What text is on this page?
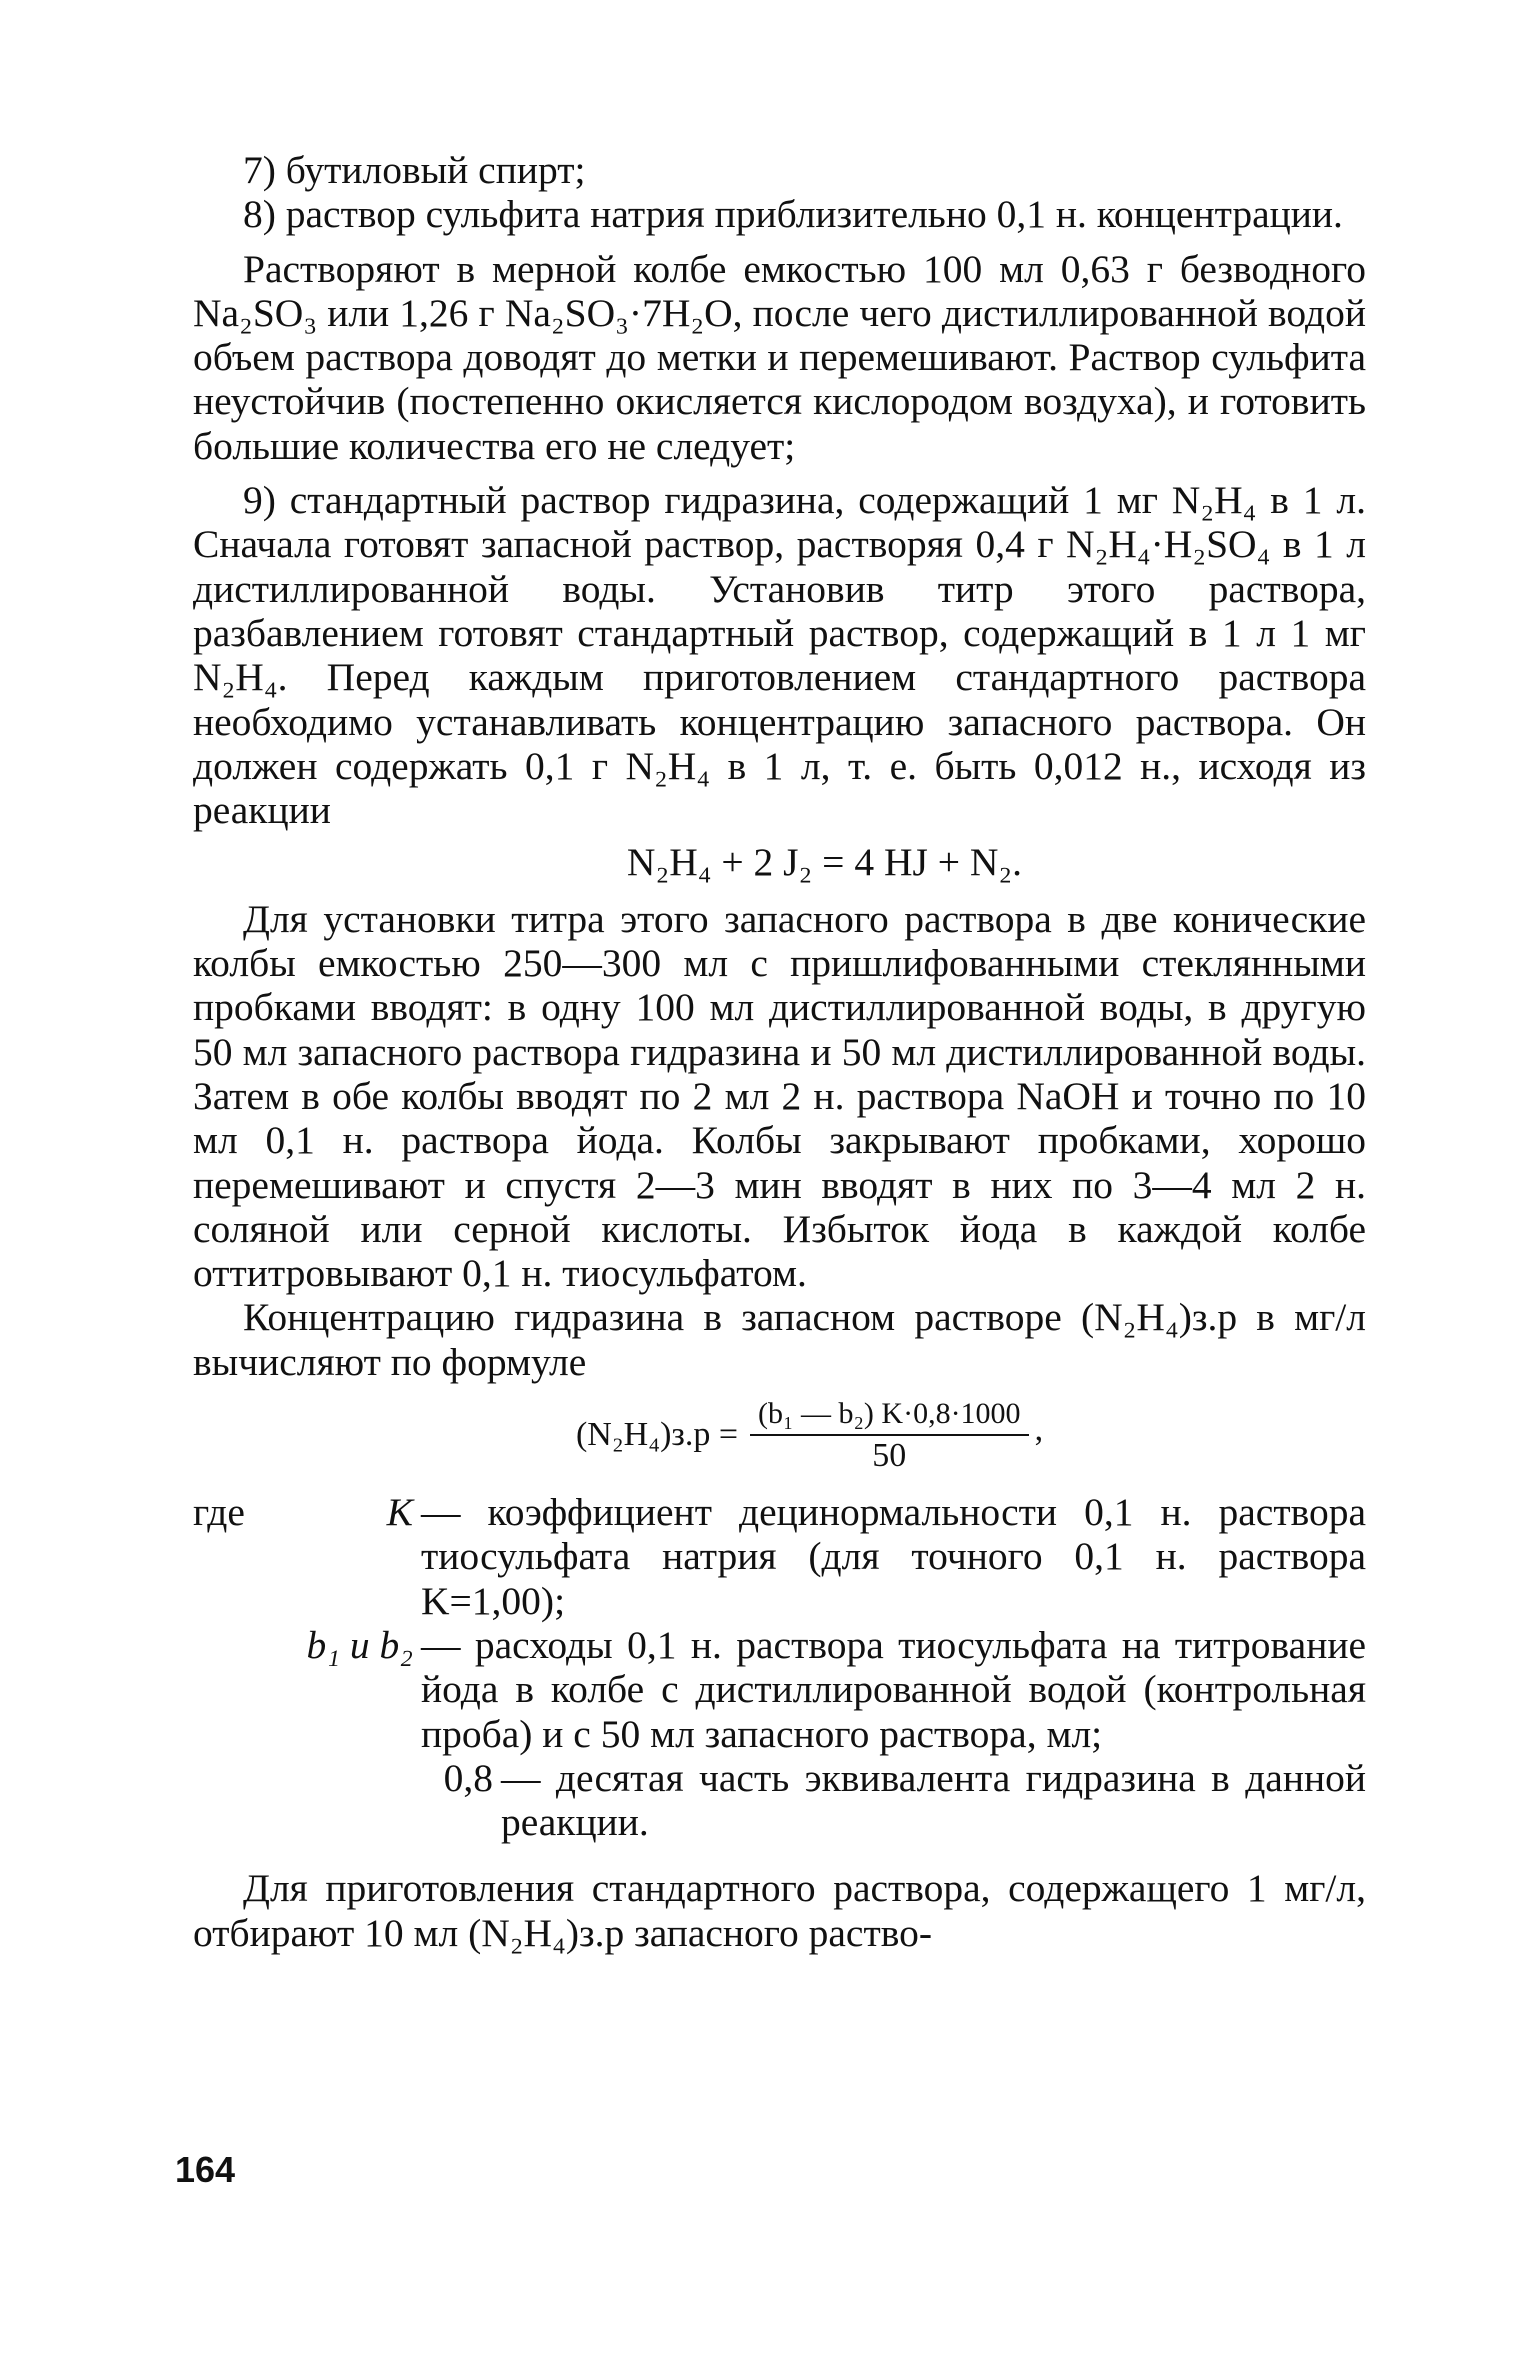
7) бутиловый спирт;

8) раствор сульфита натрия приблизительно 0,1 н. концентрации.

Растворяют в мерной колбе емкостью 100 мл 0,63 г безводного Na₂SO₃ или 1,26 г Na₂SO₃·7H₂O, после чего дистиллированной водой объем раствора доводят до метки и перемешивают. Раствор сульфита неустойчив (постепенно окисляется кислородом воздуха), и готовить большие количества его не следует;

9) стандартный раствор гидразина, содержащий 1 мг N₂H₄ в 1 л. Сначала готовят запасной раствор, растворяя 0,4 г N₂H₄·H₂SO₄ в 1 л дистиллированной воды. Установив титр этого раствора, разбавлением готовят стандартный раствор, содержащий в 1 л 1 мг N₂H₄. Перед каждым приготовлением стандартного раствора необходимо устанавливать концентрацию запасного раствора. Он должен содержать 0,1 г N₂H₄ в 1 л, т. е. быть 0,012 н., исходя из реакции

N₂H₄ + 2 J₂ = 4 HJ + N₂.

Для установки титра этого запасного раствора в две конические колбы емкостью 250—300 мл с пришлифованными стеклянными пробками вводят: в одну 100 мл дистиллированной воды, в другую 50 мл запасного раствора гидразина и 50 мл дистиллированной воды. Затем в обе колбы вводят по 2 мл 2 н. раствора NaOH и точно по 10 мл 0,1 н. раствора йода. Колбы закрывают пробками, хорошо перемешивают и спустя 2—3 мин вводят в них по 3—4 мл 2 н. соляной или серной кислоты. Избыток йода в каждой колбе оттитровывают 0,1 н. тиосульфатом.

Концентрацию гидразина в запасном растворе (N₂H₄)з.р в мг/л вычисляют по формуле

$(N_2H_4)з.р = \frac{\text{(b₁ — b₂) K·0,8·1000}}{50}$ ,
где	K — коэффициент децинормальности 0,1 н. раствора тиосульфата натрия (для точного 0,1 н. раствора K=1,00);
b₁ и b₂ — расходы 0,1 н. раствора тиосульфата на титрование йода в колбе с дистиллированной водой (контрольная проба) и с 50 мл запасного раствора, мл;
0,8 — десятая часть эквивалента гидразина в данной реакции.

Для приготовления стандартного раствора, содержащего 1 мг/л, отбирают 10 мл (N₂H₄)з.р запасного раство-

164
